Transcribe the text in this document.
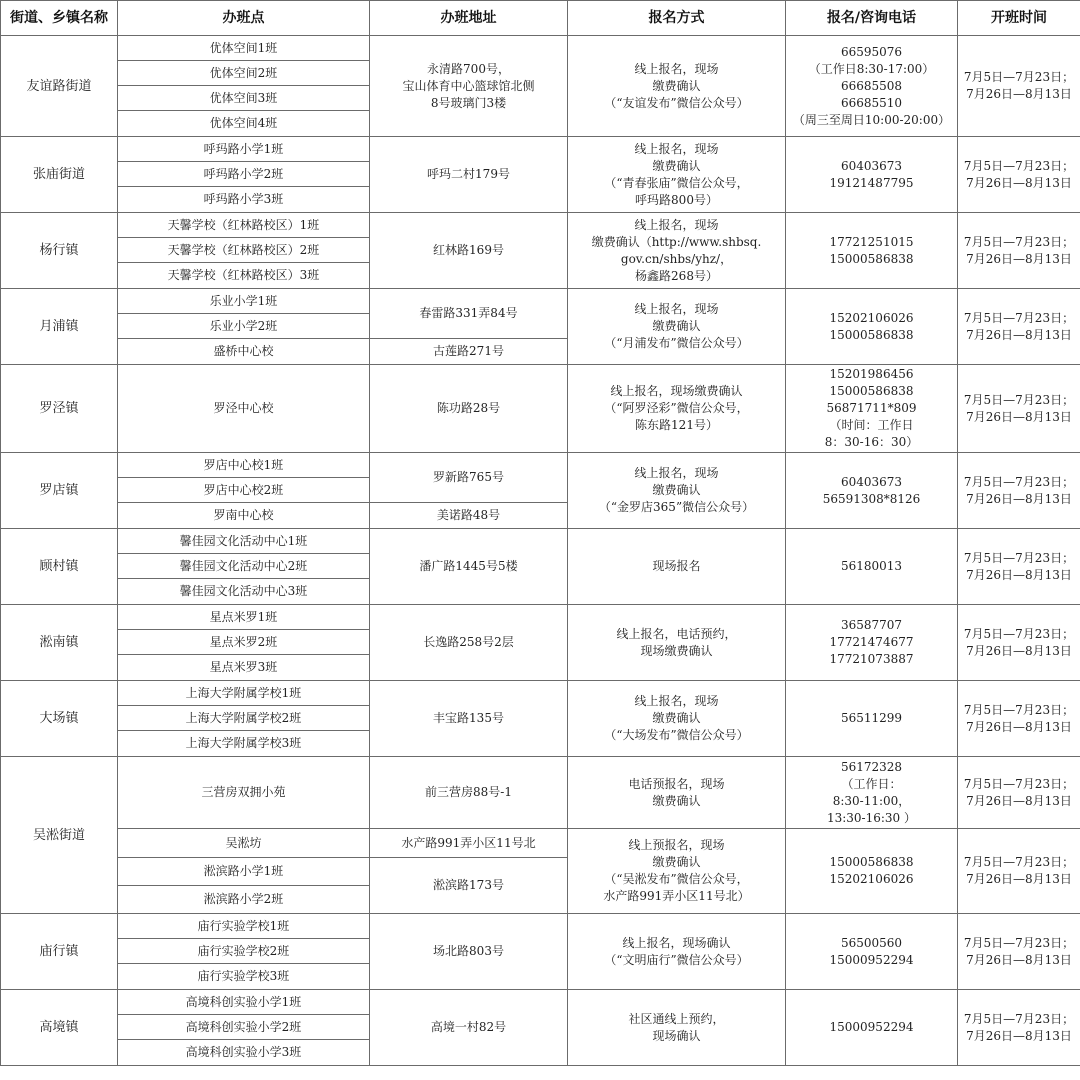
街道、乡镇名称	办班点	办班地址	报名方式	报名/咨询电话	开班时间
友谊路街道	优体空间1班	永清路700号，
宝山体育中心篮球馆北侧
8号玻璃门3楼	线上报名，现场
缴费确认
（“友谊发布”微信公众号）	66595076
（工作日8:30-17:00）
66685508
66685510
（周三至周日10:00-20:00）	7月5日—7月23日；
7月26日—8月13日

	优体空间2班				
	优体空间3班				
	优体空间4班				
张庙街道	呼玛路小学1班	呼玛二村179号	线上报名，现场
缴费确认
（“青春张庙”微信公众号，
呼玛路800号）	60403673
19121487795	7月5日—7月23日；
7月26日—8月13日

	呼玛路小学2班				
	呼玛路小学3班				
杨行镇	天馨学校（红林路校区）1班	红林路169号	线上报名，现场
缴费确认（http://www.shbsq.
gov.cn/shbs/yhz/，
杨鑫路268号）	17721251015
15000586838	7月5日—7月23日；
7月26日—8月13日

	天馨学校（红林路校区）2班				
	天馨学校（红林路校区）3班				
月浦镇	乐业小学1班	春雷路331弄84号	线上报名，现场
缴费确认
（“月浦发布”微信公众号）	15202106026
15000586838	7月5日—7月23日；
7月26日—8月13日

	乐业小学2班				
	盛桥中心校	古莲路271号			
罗泾镇	罗泾中心校	陈功路28号	线上报名，现场缴费确认
（“阿罗泾彩”微信公众号，
陈东路121号）	15201986456
15000586838
56871711*809
（时间：工作日
8：30-16：30）	7月5日—7月23日；
7月26日—8月13日

罗店镇	罗店中心校1班	罗新路765号	线上报名，现场
缴费确认
（“金罗店365”微信公众号）	60403673
56591308*8126	7月5日—7月23日；
7月26日—8月13日

	罗店中心校2班				
	罗南中心校	美诺路48号			
顾村镇	馨佳园文化活动中心1班	潘广路1445号5楼	现场报名	56180013	7月5日—7月23日；
7月26日—8月13日

	馨佳园文化活动中心2班				
	馨佳园文化活动中心3班				
淞南镇	星点米罗1班	长逸路258号2层	线上报名，电话预约，
现场缴费确认	36587707
17721474677
17721073887	7月5日—7月23日；
7月26日—8月13日

	星点米罗2班				
	星点米罗3班				
大场镇	上海大学附属学校1班	丰宝路135号	线上报名，现场
缴费确认
（“大场发布”微信公众号）	56511299	7月5日—7月23日；
7月26日—8月13日

	上海大学附属学校2班				
	上海大学附属学校3班				
吴淞街道	三营房双拥小苑	前三营房88号-1	电话预报名，现场
缴费确认	56172328
（工作日：
8:30-11:00，
13:30-16:30 ）	7月5日—7月23日；
7月26日—8月13日

	吴淞坊	水产路991弄小区11号北	线上预报名，现场
缴费确认
（“吴淞发布”微信公众号，
水产路991弄小区11号北）	15000586838
15202106026	7月5日—7月23日；
7月26日—8月13日

	淞滨路小学1班	淞滨路173号			
	淞滨路小学2班				
庙行镇	庙行实验学校1班	场北路803号	线上报名，现场确认
（“文明庙行”微信公众号）	56500560
15000952294	7月5日—7月23日；
7月26日—8月13日

	庙行实验学校2班				
	庙行实验学校3班				
高境镇	高境科创实验小学1班	高境一村82号	社区通线上预约，
现场确认	15000952294	7月5日—7月23日；
7月26日—8月13日

	高境科创实验小学2班				
	高境科创实验小学3班				
